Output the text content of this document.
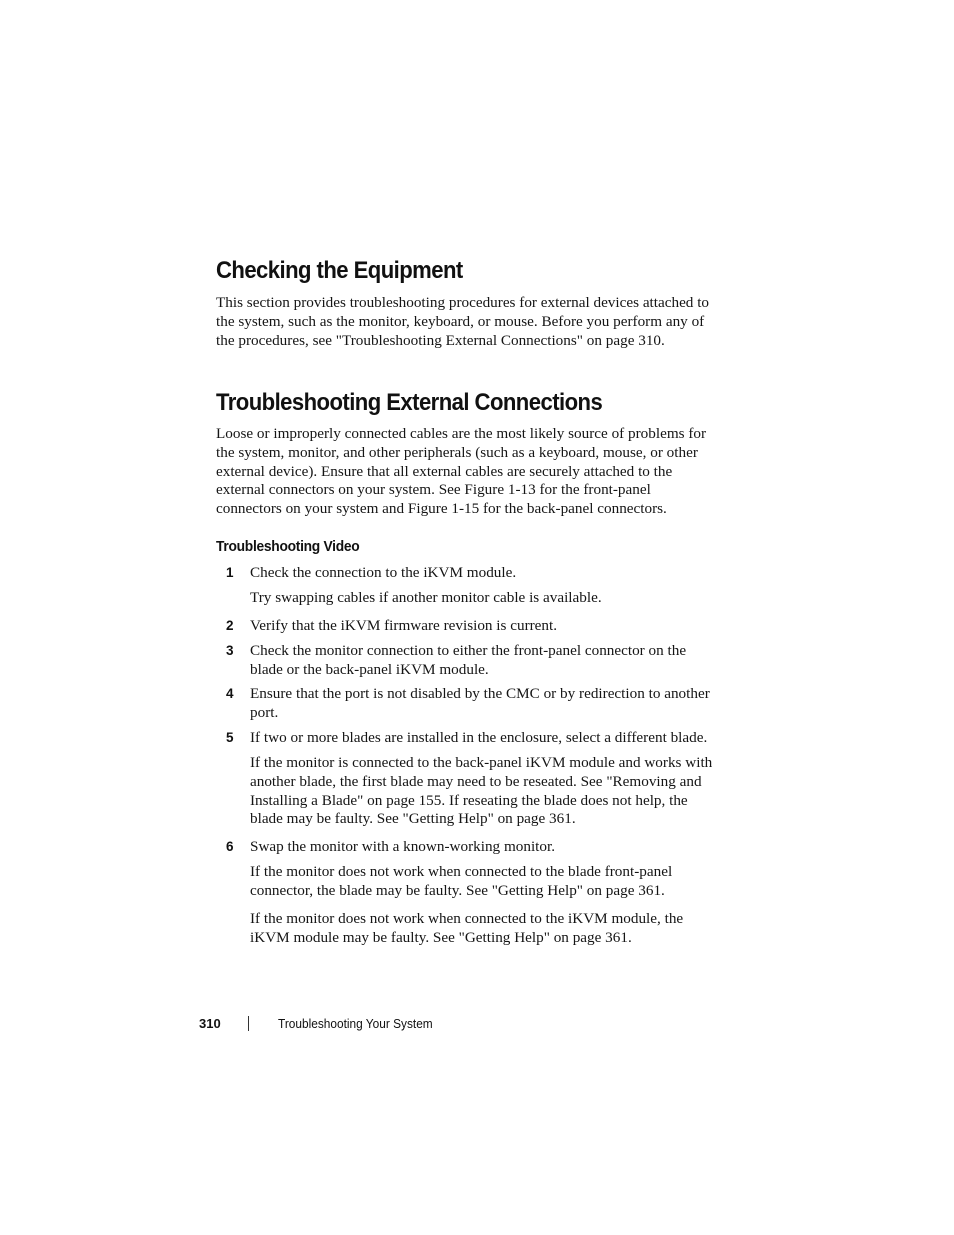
Checking the Equipment

This section provides troubleshooting procedures for external devices attached to the system, such as the monitor, keyboard, or mouse. Before you perform any of the procedures, see "Troubleshooting External Connections" on page 310.

Troubleshooting External Connections

Loose or improperly connected cables are the most likely source of problems for the system, monitor, and other peripherals (such as a keyboard, mouse, or other external device). Ensure that all external cables are securely attached to the external connectors on your system. See Figure 1-13 for the front-panel connectors on your system and Figure 1-15 for the back-panel connectors.

Troubleshooting Video
1 Check the connection to the iKVM module.

Try swapping cables if another monitor cable is available.

2 Verify that the iKVM firmware revision is current.

3 Check the monitor connection to either the front-panel connector on the blade or the back-panel iKVM module.

4 Ensure that the port is not disabled by the CMC or by redirection to another port.

5 If two or more blades are installed in the enclosure, select a different blade.

If the monitor is connected to the back-panel iKVM module and works with another blade, the first blade may need to be reseated. See "Removing and Installing a Blade" on page 155. If reseating the blade does not help, the blade may be faulty. See "Getting Help" on page 361.

6 Swap the monitor with a known-working monitor.

If the monitor does not work when connected to the blade front-panel connector, the blade may be faulty. See "Getting Help" on page 361.

If the monitor does not work when connected to the iKVM module, the iKVM module may be faulty. See "Getting Help" on page 361.

310	Troubleshooting Your System
